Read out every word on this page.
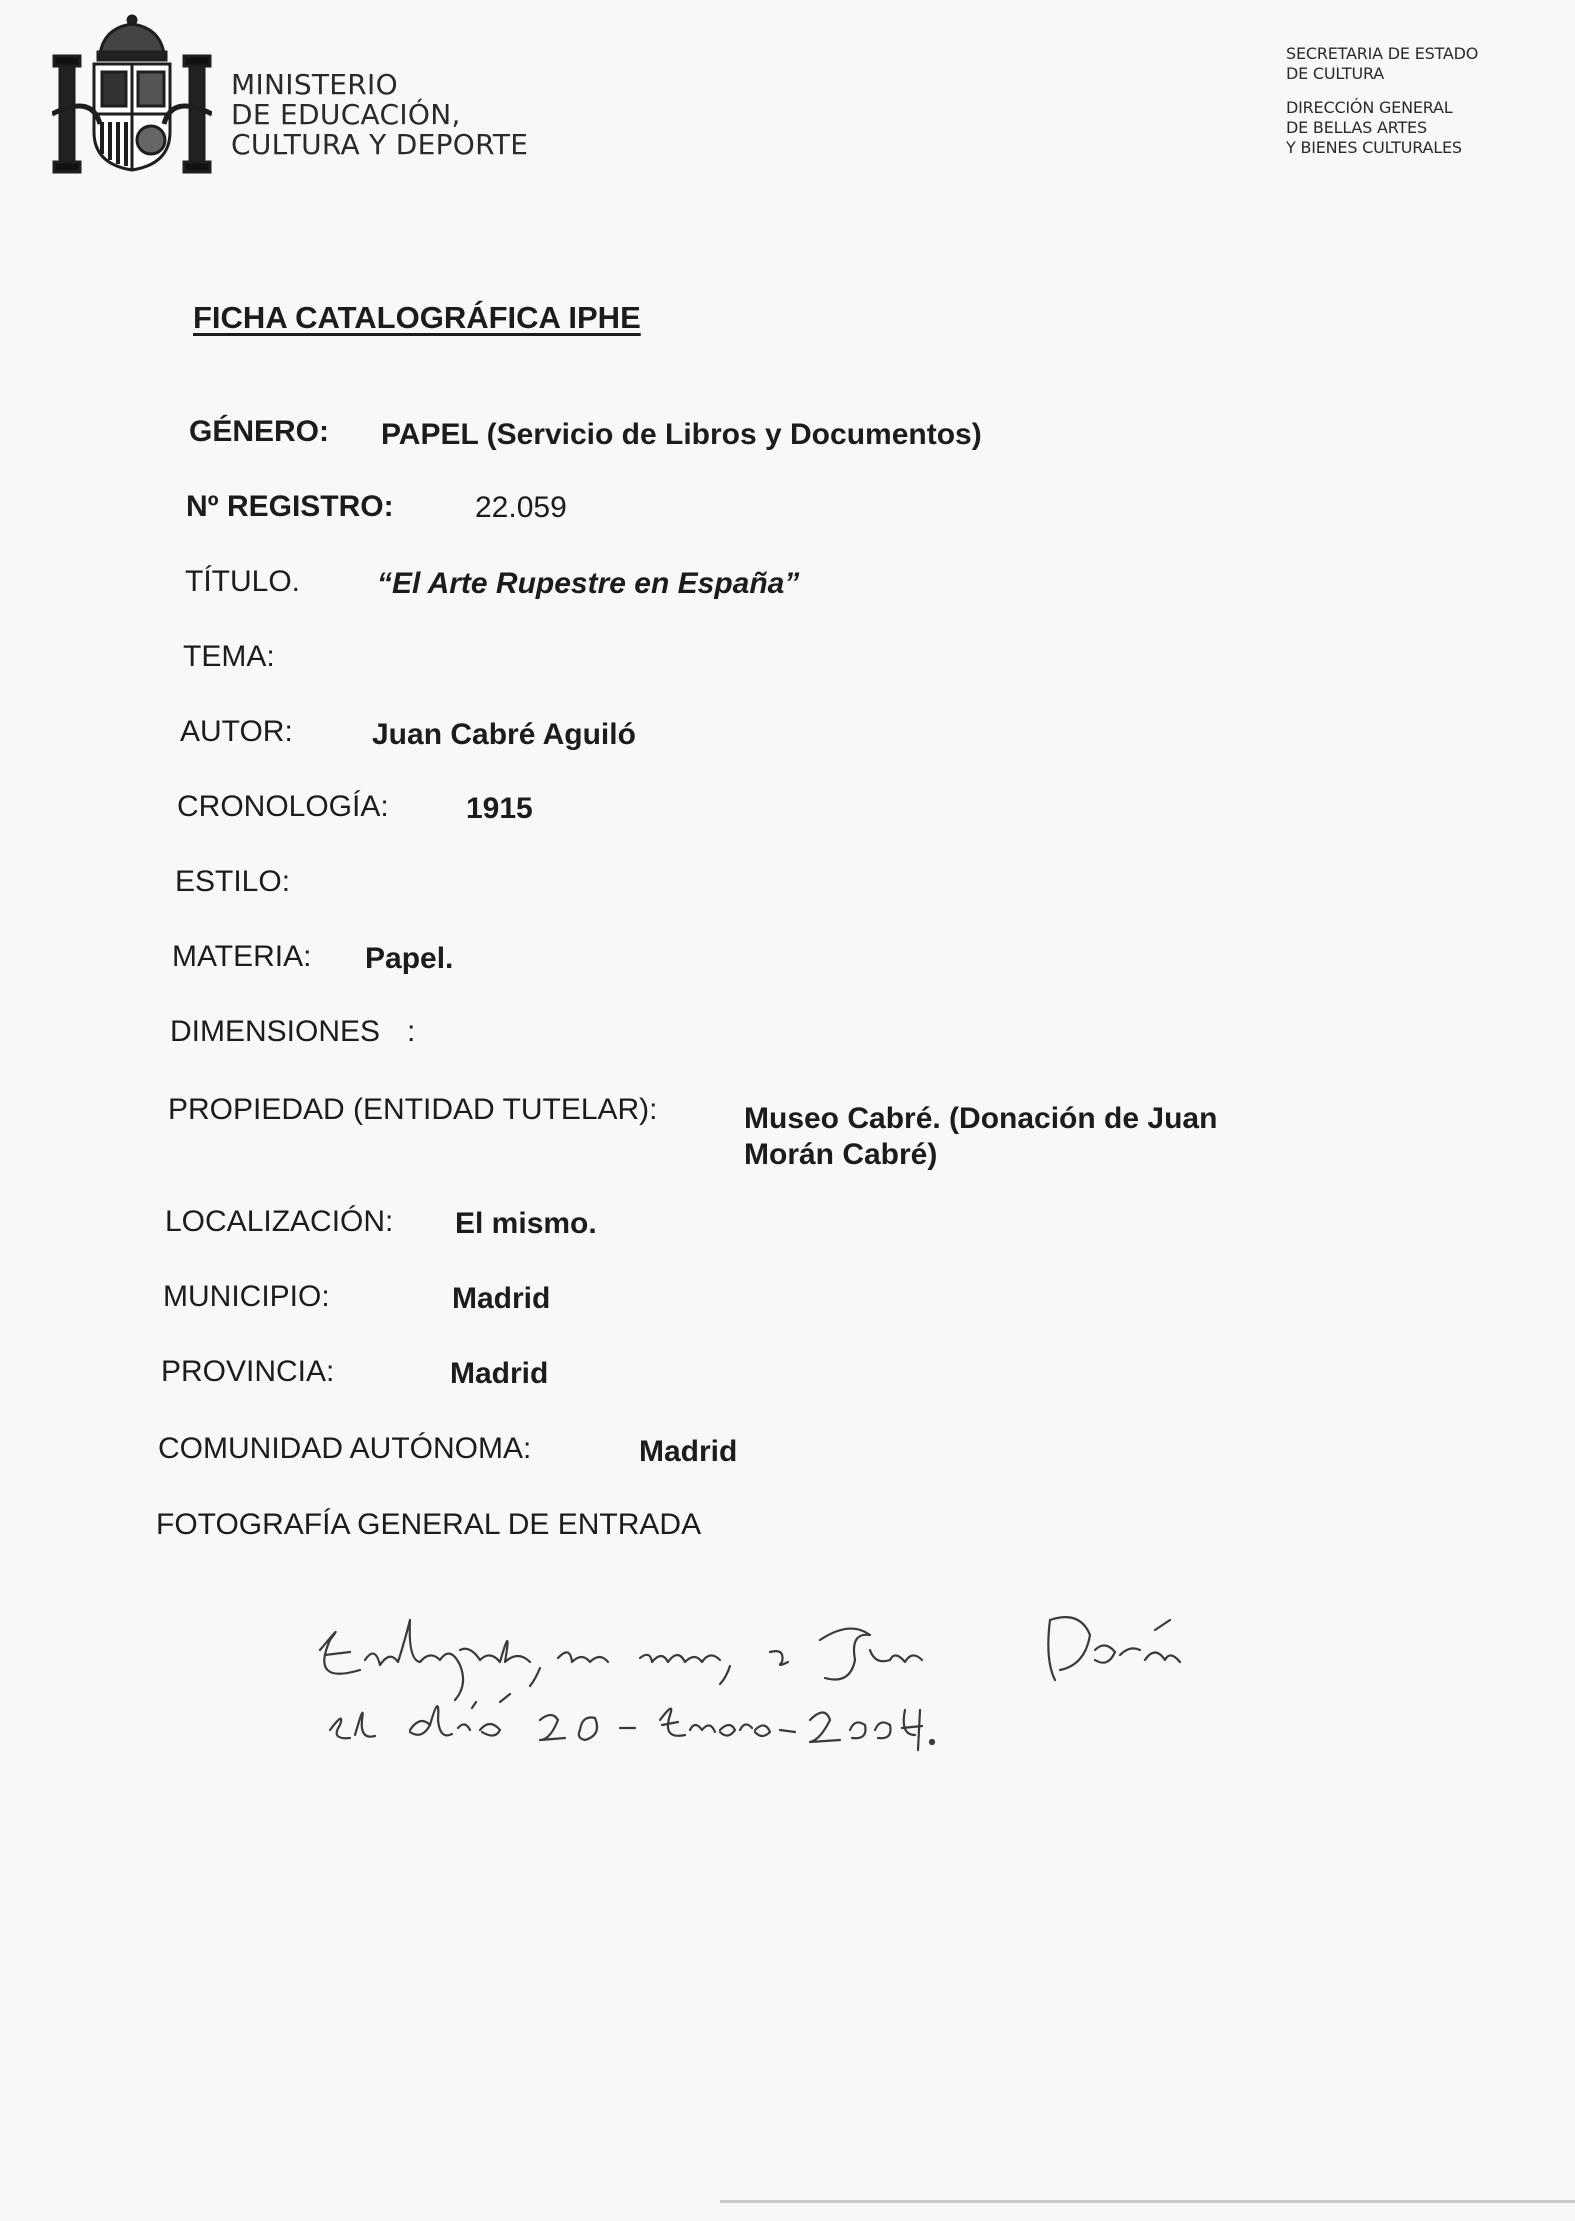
MINISTERIO
DE EDUCACIÓN,
CULTURA Y DEPORTE
SECRETARIA DE ESTADO
DE CULTURA
DIRECCIÓN GENERAL
DE BELLAS ARTES
Y BIENES CULTURALES
FICHA CATALOGRÁFICA IPHE
GÉNERO: PAPEL (Servicio de Libros y Documentos)
Nº REGISTRO:	22.059
TÍTULO.	“El Arte Rupestre en España”
TEMA:
AUTOR:	Juan Cabré Aguiló
CRONOLOGÍA:	1915
ESTILO:
MATERIA: Papel.
DIMENSIONES :
PROPIEDAD (ENTIDAD TUTELAR):	Museo Cabré. (Donación de Juan Morán Cabré)
LOCALIZACIÓN: El mismo.
MUNICIPIO:	Madrid
PROVINCIA:	Madrid
COMUNIDAD AUTÓNOMA:	Madrid
FOTOGRAFÍA GENERAL DE ENTRADA
